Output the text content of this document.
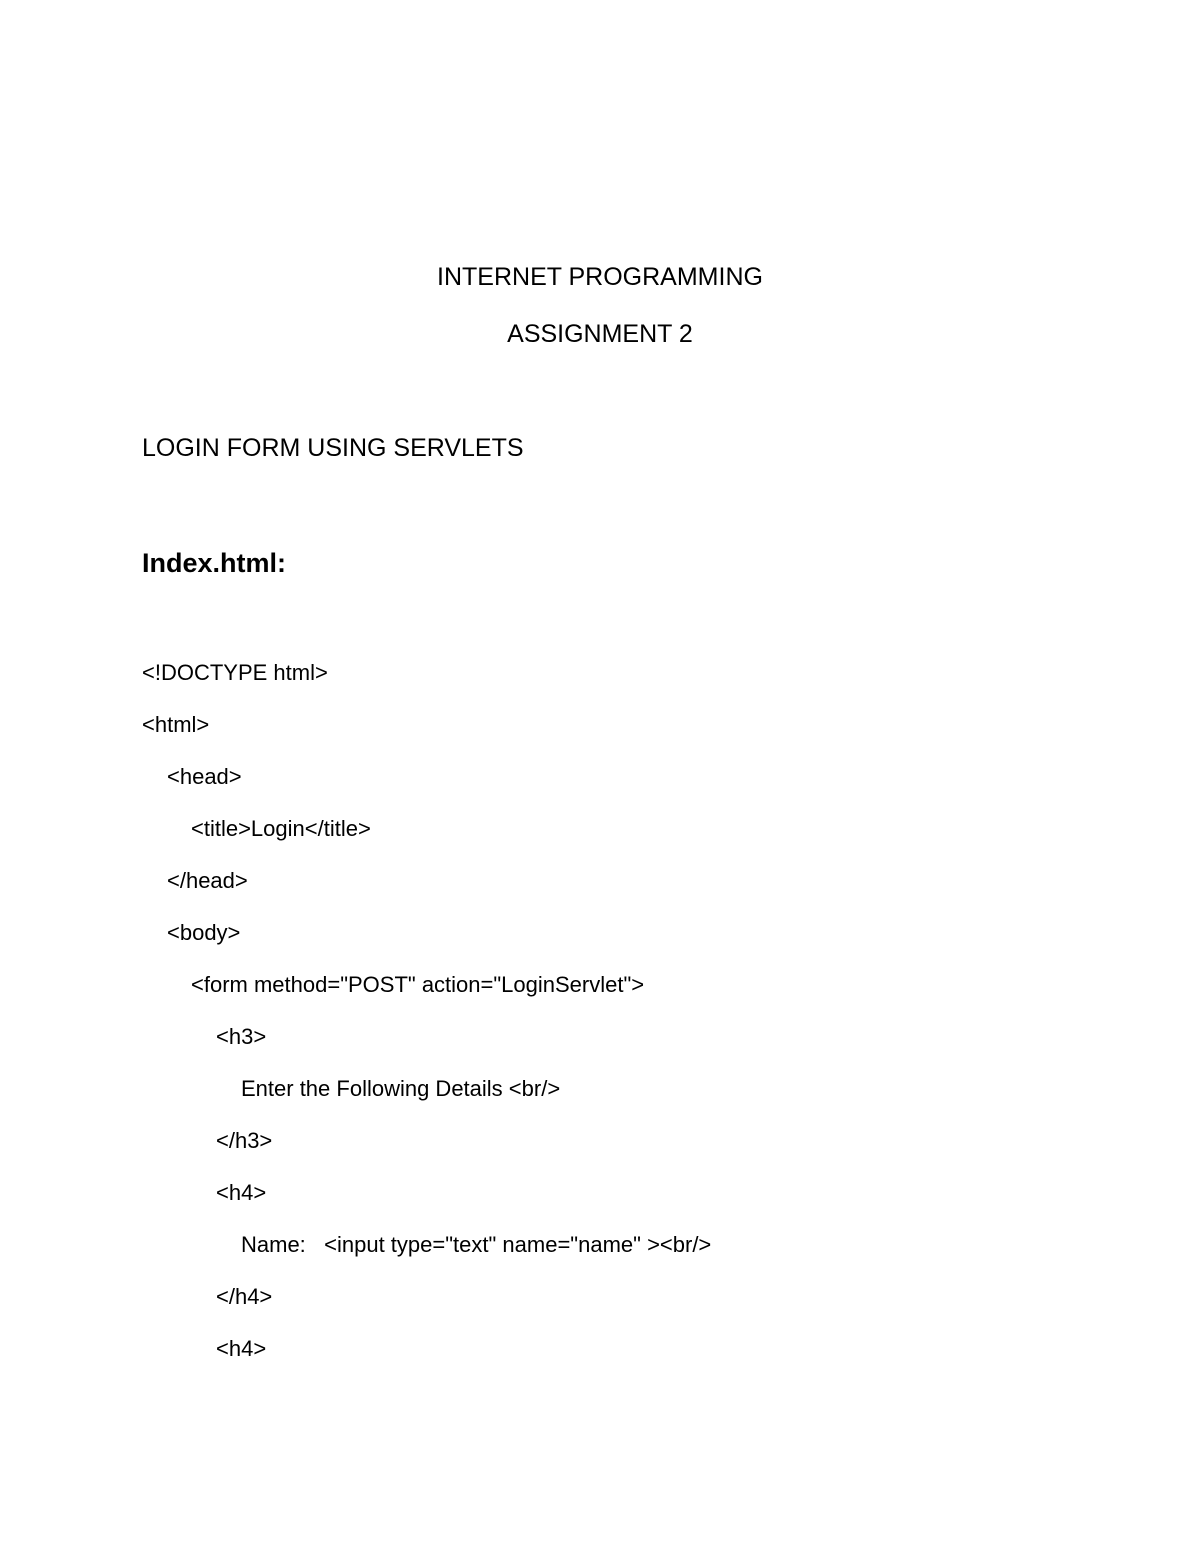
INTERNET PROGRAMMING
ASSIGNMENT 2
LOGIN FORM USING SERVLETS
Index.html:
<!DOCTYPE html>
<html>
<head>
<title>Login</title>
</head>
<body>
<form method="POST" action="LoginServlet">
<h3>
Enter the Following Details <br/>
</h3>
<h4>
Name:   <input type="text" name="name" ><br/>
</h4>
<h4>
